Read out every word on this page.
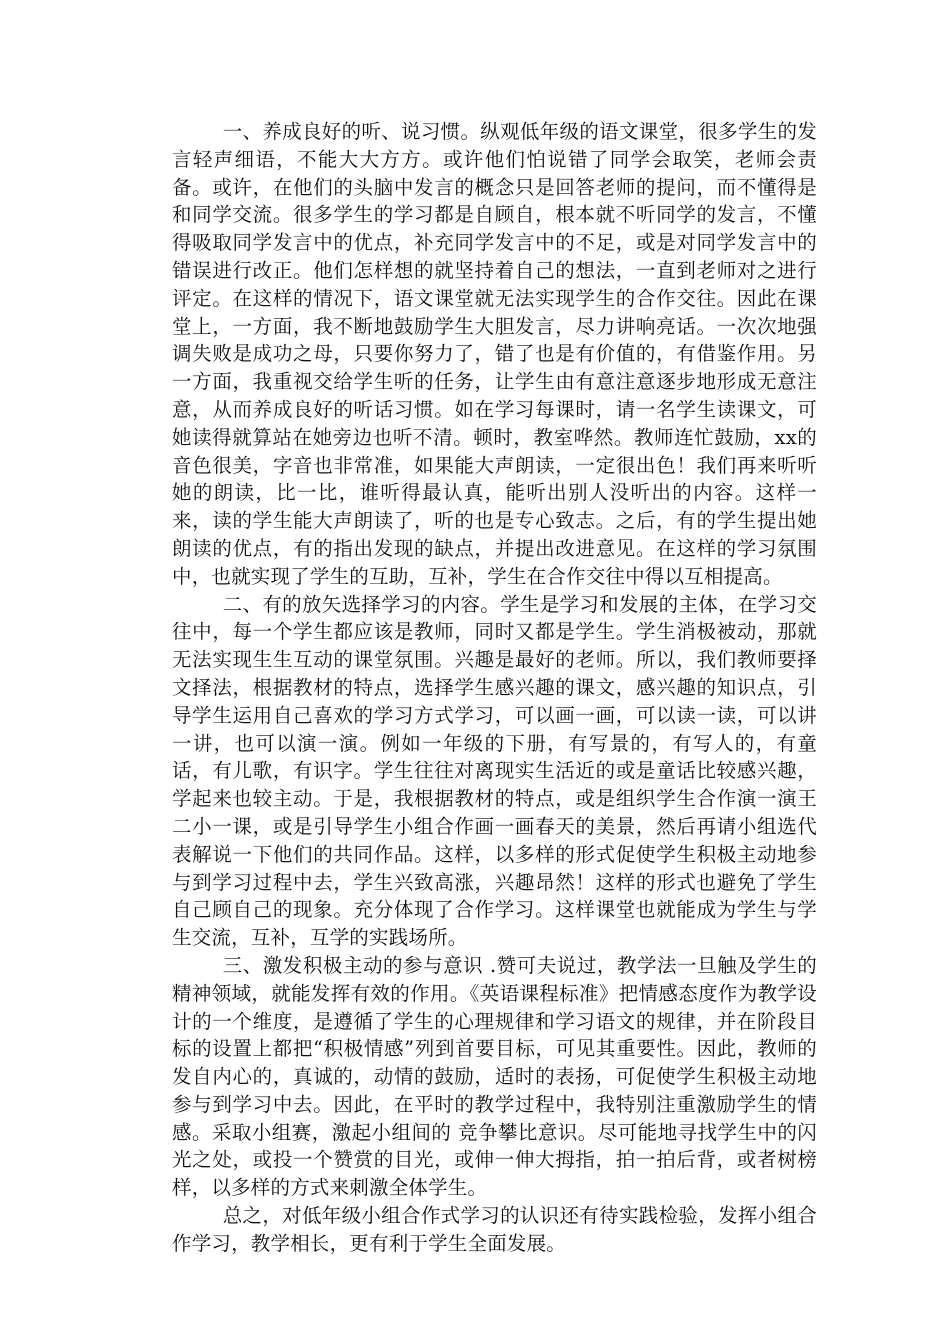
一、养成良好的听、说习惯。纵观低年级的语文课堂，很多学生的发言轻声细语，不能大大方方。或许他们怕说错了同学会取笑，老师会责备。或许，在他们的头脑中发言的概念只是回答老师的提问，而不懂得是和同学交流。很多学生的学习都是自顾自，根本就不听同学的发言，不懂得吸取同学发言中的优点，补充同学发言中的不足，或是对同学发言中的错误进行改正。他们怎样想的就坚持着自己的想法，一直到老师对之进行评定。在这样的情况下，语文课堂就无法实现学生的合作交往。因此在课堂上，一方面，我不断地鼓励学生大胆发言，尽力讲响亮话。一次次地强调失败是成功之母，只要你努力了，错了也是有价值的，有借鉴作用。另一方面，我重视交给学生听的任务，让学生由有意注意逐步地形成无意注意，从而养成良好的听话习惯。如在学习每课时，请一名学生读课文，可她读得就算站在她旁边也听不清。顿时，教室哗然。教师连忙鼓励，xx的音色很美，字音也非常准，如果能大声朗读，一定很出色！我们再来听听她的朗读，比一比，谁听得最认真，能听出别人没听出的内容。这样一来，读的学生能大声朗读了，听的也是专心致志。之后，有的学生提出她朗读的优点，有的指出发现的缺点，并提出改进意见。在这样的学习氛围中，也就实现了学生的互助，互补，学生在合作交往中得以互相提高。

二、有的放矢选择学习的内容。学生是学习和发展的主体，在学习交往中，每一个学生都应该是教师，同时又都是学生。学生消极被动，那就无法实现生生互动的课堂氛围。兴趣是最好的老师。所以，我们教师要择文择法，根据教材的特点，选择学生感兴趣的课文，感兴趣的知识点，引导学生运用自己喜欢的学习方式学习，可以画一画，可以读一读，可以讲一讲，也可以演一演。例如一年级的下册，有写景的，有写人的，有童话，有儿歌，有识字。学生往往对离现实生活近的或是童话比较感兴趣，学起来也较主动。于是，我根据教材的特点，或是组织学生合作演一演王二小一课，或是引导学生小组合作画一画春天的美景，然后再请小组选代表解说一下他们的共同作品。这样，以多样的形式促使学生积极主动地参与到学习过程中去，学生兴致高涨，兴趣昂然！这样的形式也避免了学生自己顾自己的现象。充分体现了合作学习。这样课堂也就能成为学生与学生交流，互补，互学的实践场所。

三、激发积极主动的参与意识 .赞可夫说过，教学法一旦触及学生的精神领域，就能发挥有效的作用。《英语课程标准》把情感态度作为教学设计的一个维度，是遵循了学生的心理规律和学习语文的规律，并在阶段目标的设置上都把“积极情感”列到首要目标，可见其重要性。因此，教师的发自内心的，真诚的，动情的鼓励，适时的表扬，可促使学生积极主动地参与到学习中去。因此，在平时的教学过程中，我特别注重激励学生的情感。采取小组赛，激起小组间的 竞争攀比意识。尽可能地寻找学生中的闪光之处，或投一个赞赏的目光，或伸一伸大拇指，拍一拍后背，或者树榜样，以多样的方式来刺激全体学生。

总之，对低年级小组合作式学习的认识还有待实践检验，发挥小组合作学习，教学相长，更有利于学生全面发展。
